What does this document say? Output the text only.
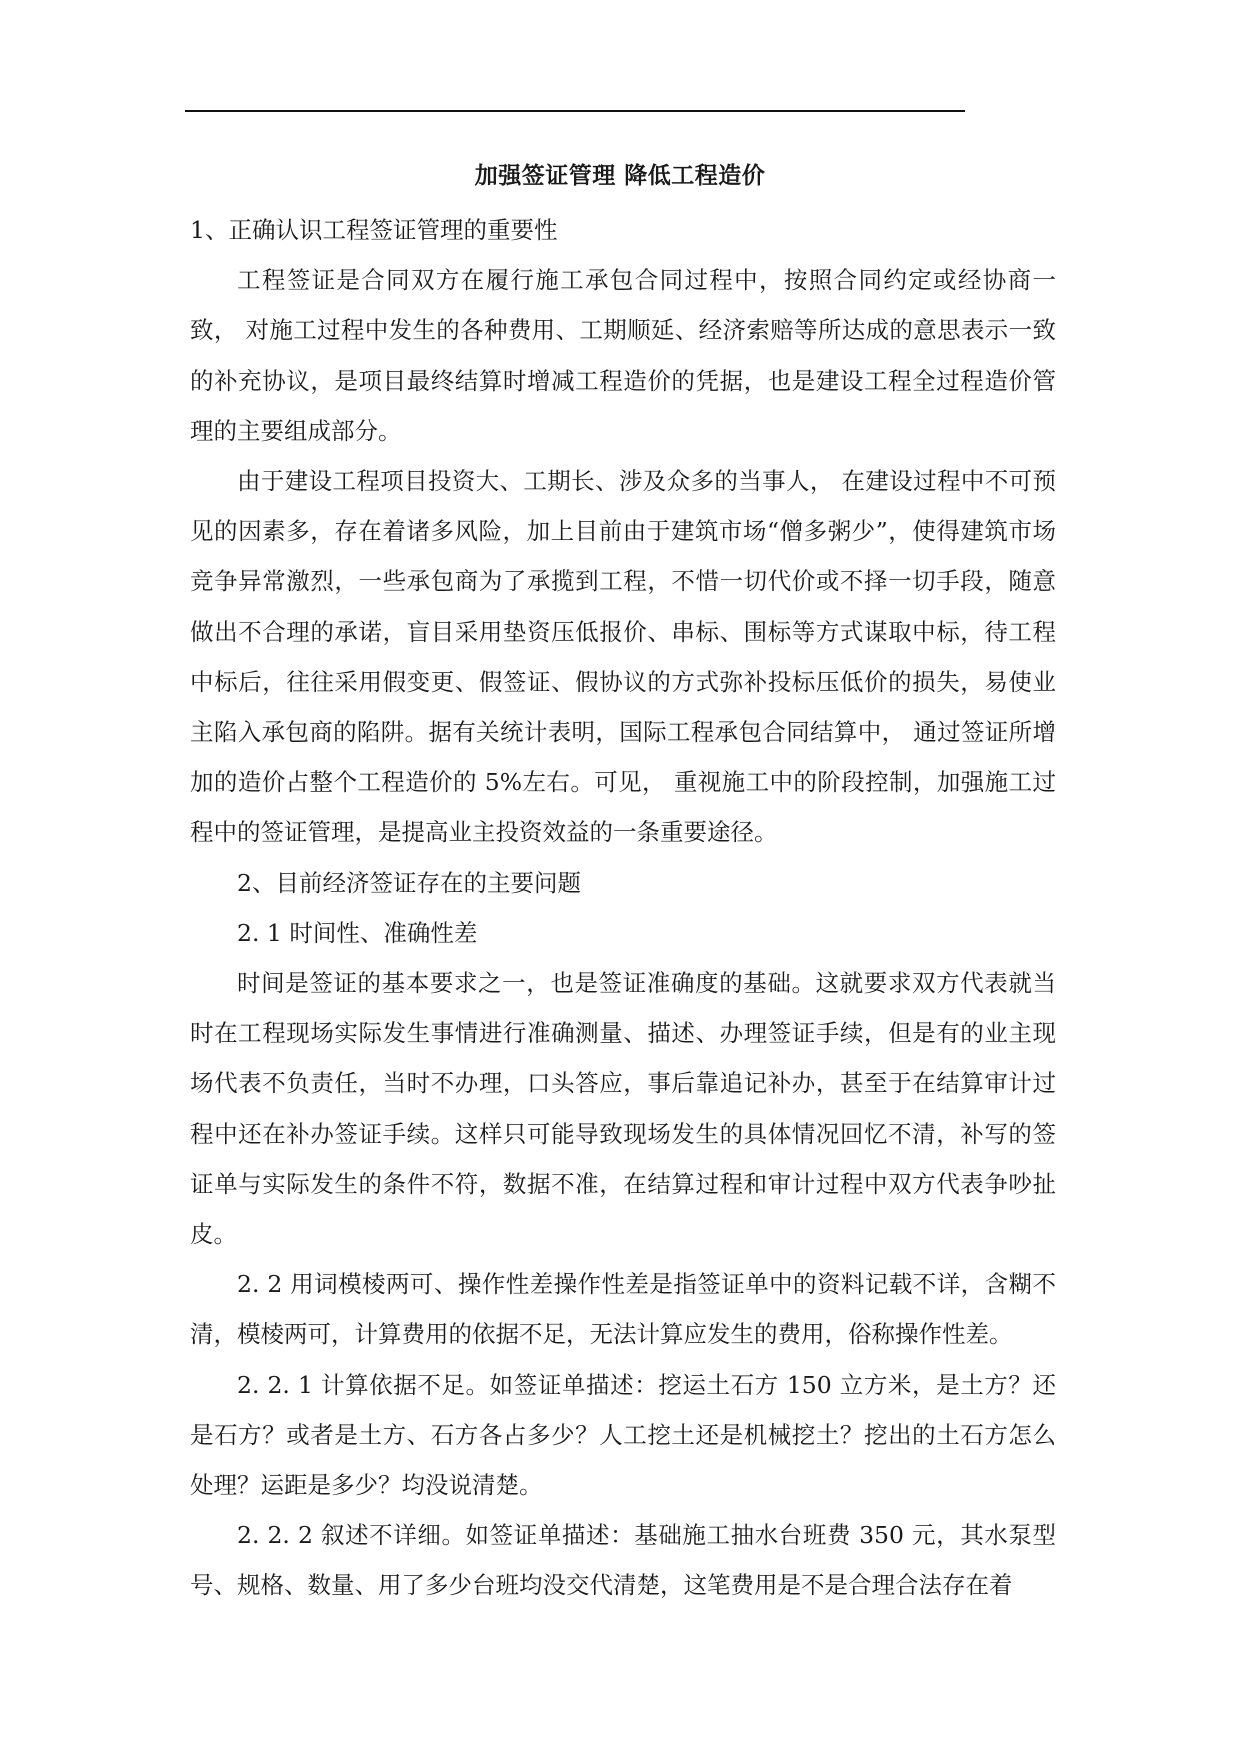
加强签证管理 降低工程造价

1、正确认识工程签证管理的重要性

工程签证是合同双方在履行施工承包合同过程中，按照合同约定或经协商一致， 对施工过程中发生的各种费用、工期顺延、经济索赔等所达成的意思表示一致的补充协议，是项目最终结算时增减工程造价的凭据，也是建设工程全过程造价管理的主要组成部分。

由于建设工程项目投资大、工期长、涉及众多的当事人， 在建设过程中不可预见的因素多，存在着诸多风险，加上目前由于建筑市场“僧多粥少”，使得建筑市场竞争异常激烈，一些承包商为了承揽到工程，不惜一切代价或不择一切手段，随意做出不合理的承诺，盲目采用垫资压低报价、串标、围标等方式谋取中标，待工程中标后，往往采用假变更、假签证、假协议的方式弥补投标压低价的损失，易使业主陷入承包商的陷阱。据有关统计表明，国际工程承包合同结算中， 通过签证所增加的造价占整个工程造价的 5%左右。可见， 重视施工中的阶段控制，加强施工过程中的签证管理，是提高业主投资效益的一条重要途径。

2、目前经济签证存在的主要问题

2. 1 时间性、准确性差

时间是签证的基本要求之一，也是签证准确度的基础。这就要求双方代表就当时在工程现场实际发生事情进行准确测量、描述、办理签证手续，但是有的业主现场代表不负责任，当时不办理，口头答应，事后靠追记补办，甚至于在结算审计过程中还在补办签证手续。这样只可能导致现场发生的具体情况回忆不清，补写的签证单与实际发生的条件不符，数据不准，在结算过程和审计过程中双方代表争吵扯皮。

2. 2 用词模棱两可、操作性差操作性差是指签证单中的资料记载不详，含糊不清，模棱两可，计算费用的依据不足，无法计算应发生的费用，俗称操作性差。

2. 2. 1 计算依据不足。如签证单描述：挖运土石方 150 立方米，是土方？还是石方？或者是土方、石方各占多少？人工挖土还是机械挖土？挖出的土石方怎么处理？运距是多少？均没说清楚。

2. 2. 2 叙述不详细。如签证单描述：基础施工抽水台班费 350 元，其水泵型号、规格、数量、用了多少台班均没交代清楚，这笔费用是不是合理合法存在着
